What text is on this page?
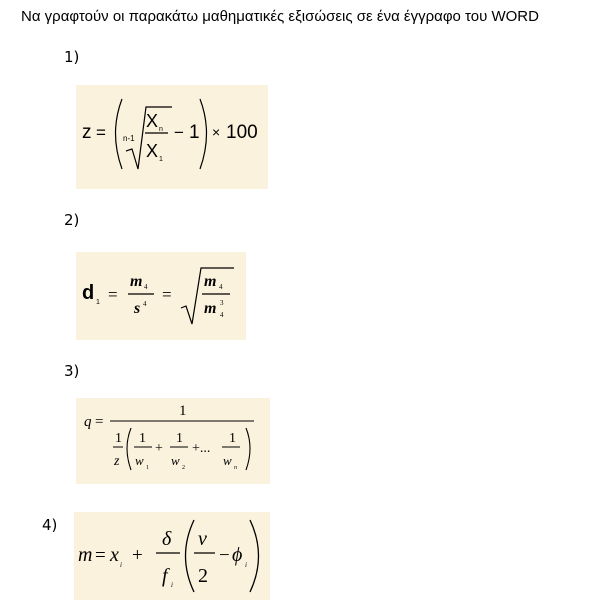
Να γραφτούν οι παρακάτω μαθηματικές εξισώσεις σε ένα έγγραφο του WORD
1)
z = n-1
X n
X 1
− 1 × 100
2)
d 1 =
m 4
s 4 =
m 4
m 3
4
3)
q =
1
1
z
1
w 1
+
1
w 2
+...
1
w n
4)
m = x i +
δ
f i
ν
2
− ϕ i
